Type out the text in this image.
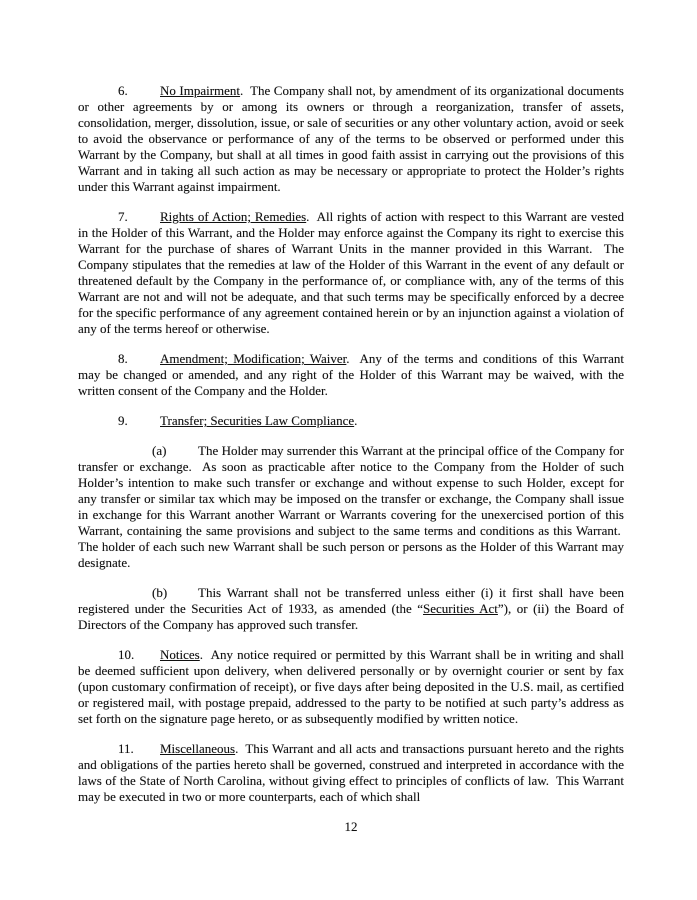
6. No Impairment.  The Company shall not, by amendment of its organizational documents or other agreements by or among its owners or through a reorganization, transfer of assets, consolidation, merger, dissolution, issue, or sale of securities or any other voluntary action, avoid or seek to avoid the observance or performance of any of the terms to be observed or performed under this Warrant by the Company, but shall at all times in good faith assist in carrying out the provisions of this Warrant and in taking all such action as may be necessary or appropriate to protect the Holder’s rights under this Warrant against impairment.

7. Rights of Action; Remedies.  All rights of action with respect to this Warrant are vested in the Holder of this Warrant, and the Holder may enforce against the Company its right to exercise this Warrant for the purchase of shares of Warrant Units in the manner provided in this Warrant.  The Company stipulates that the remedies at law of the Holder of this Warrant in the event of any default or threatened default by the Company in the performance of, or compliance with, any of the terms of this Warrant are not and will not be adequate, and that such terms may be specifically enforced by a decree for the specific performance of any agreement contained herein or by an injunction against a violation of any of the terms hereof or otherwise.

8. Amendment; Modification; Waiver.  Any of the terms and conditions of this Warrant may be changed or amended, and any right of the Holder of this Warrant may be waived, with the written consent of the Company and the Holder.

9. Transfer; Securities Law Compliance.

(a) The Holder may surrender this Warrant at the principal office of the Company for transfer or exchange.  As soon as practicable after notice to the Company from the Holder of such Holder’s intention to make such transfer or exchange and without expense to such Holder, except for any transfer or similar tax which may be imposed on the transfer or exchange, the Company shall issue in exchange for this Warrant another Warrant or Warrants covering for the unexercised portion of this Warrant, containing the same provisions and subject to the same terms and conditions as this Warrant.  The holder of each such new Warrant shall be such person or persons as the Holder of this Warrant may designate.

(b) This Warrant shall not be transferred unless either (i) it first shall have been registered under the Securities Act of 1933, as amended (the “Securities Act”), or (ii) the Board of Directors of the Company has approved such transfer.

10. Notices.  Any notice required or permitted by this Warrant shall be in writing and shall be deemed sufficient upon delivery, when delivered personally or by overnight courier or sent by fax (upon customary confirmation of receipt), or five days after being deposited in the U.S. mail, as certified or registered mail, with postage prepaid, addressed to the party to be notified at such party’s address as set forth on the signature page hereto, or as subsequently modified by written notice.

11. Miscellaneous.  This Warrant and all acts and transactions pursuant hereto and the rights and obligations of the parties hereto shall be governed, construed and interpreted in accordance with the laws of the State of North Carolina, without giving effect to principles of conflicts of law.  This Warrant may be executed in two or more counterparts, each of which shall

12
